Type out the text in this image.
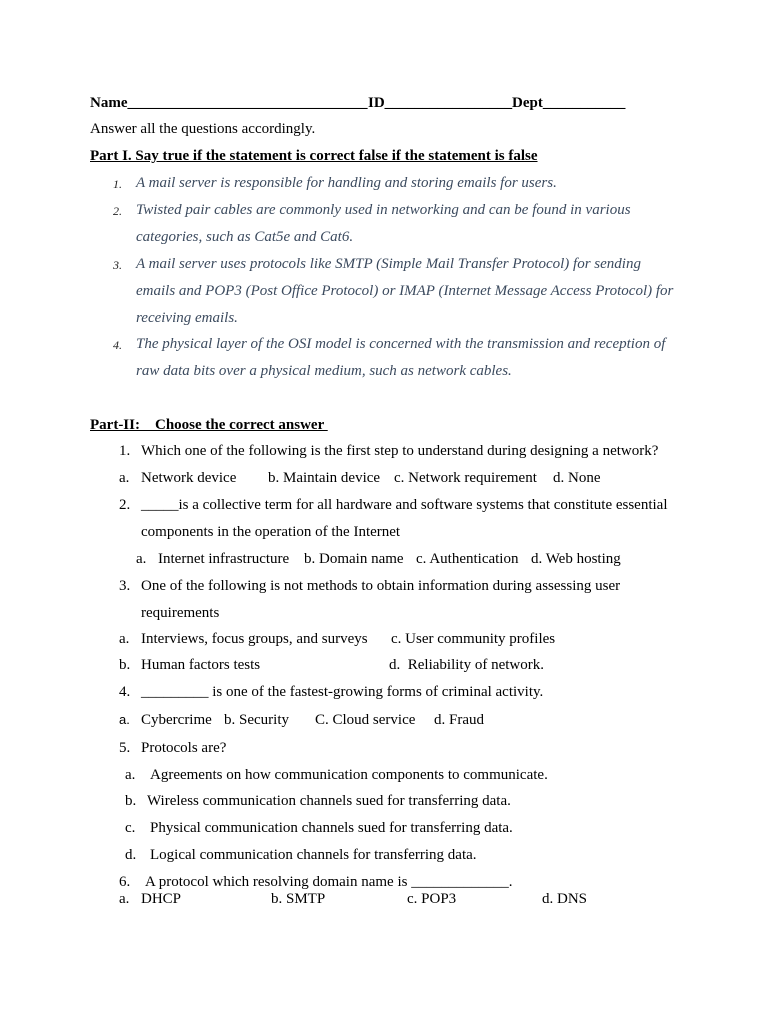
Name________________________________ ID_________________ Dept___________
Answer all the questions accordingly.
Part I. Say true if the statement is correct false if the statement is false
1. A mail server is responsible for handling and storing emails for users.
2. Twisted pair cables are commonly used in networking and can be found in various
categories, such as Cat5e and Cat6.
3. A mail server uses protocols like SMTP (Simple Mail Transfer Protocol) for sending
emails and POP3 (Post Office Protocol) or IMAP (Internet Message Access Protocol) for
receiving emails.
4. The physical layer of the OSI model is concerned with the transmission and reception of
raw data bits over a physical medium, such as network cables.
Part-II:    Choose the correct answer
1. Which one of the following is the first step to understand during designing a network?
a. Network device b. Maintain device c. Network requirement d. None
2. _____is a collective term for all hardware and software systems that constitute essential
components in the operation of the Internet
a. Internet infrastructure b. Domain name c. Authentication d. Web hosting
3. One of the following is not methods to obtain information during assessing user
requirements
a. Interviews, focus groups, and surveys c. User community profiles
b. Human factors tests	d.  Reliability of network.
4. _________ is one of the fastest-growing forms of criminal activity.
a. Cybercrime b. Security C. Cloud service d. Fraud
5. Protocols are?
a. Agreements on how communication components to communicate.
b. Wireless communication channels sued for transferring data.
c. Physical communication channels sued for transferring data.
d. Logical communication channels for transferring data.
6. A protocol which resolving domain name is _____________.
a. DHCP	b. SMTP	c. POP3	d. DNS
